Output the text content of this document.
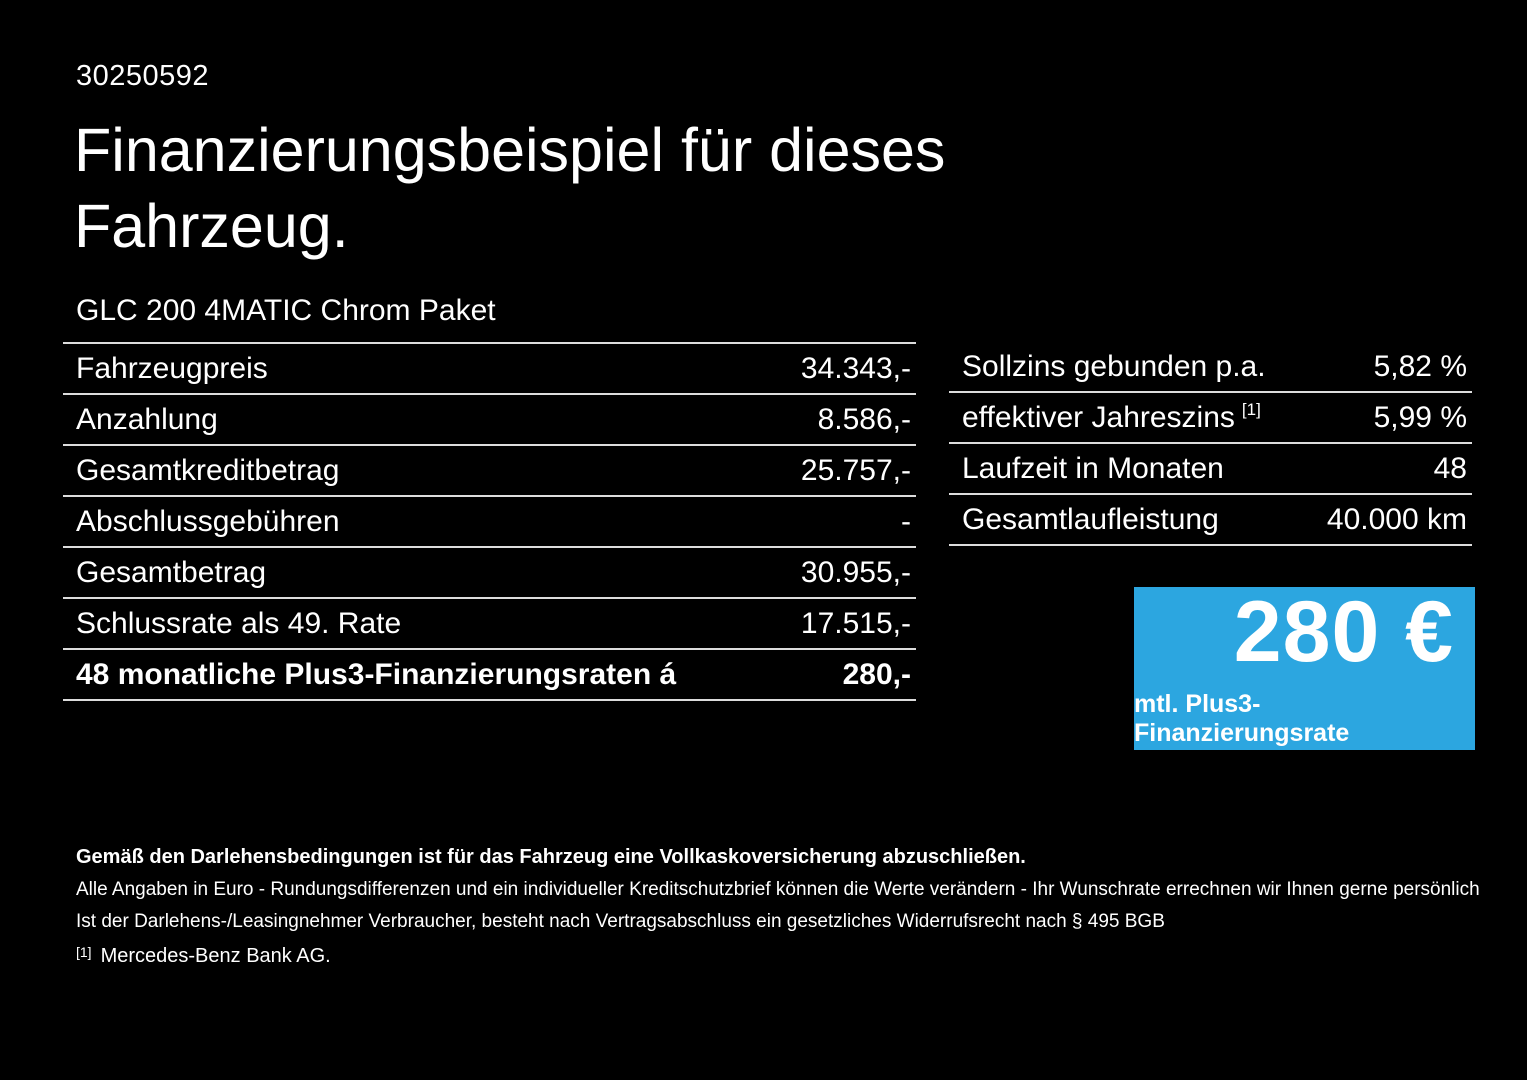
30250592
Finanzierungsbeispiel für dieses
Fahrzeug.
GLC 200 4MATIC Chrom Paket
Fahrzeugpreis	34.343,-
Anzahlung	8.586,-
Gesamtkreditbetrag	25.757,-
Abschlussgebühren	-
Gesamtbetrag	30.955,-
Schlussrate als 49. Rate	17.515,-
48 monatliche Plus3-Finanzierungsraten á	280,-
Sollzins gebunden p.a.	5,82 %
effektiver Jahreszins [1]	5,99 %
Laufzeit in Monaten	48
Gesamtlaufleistung	40.000 km
280 €
mtl. Plus3-Finanzierungsrate
Gemäß den Darlehensbedingungen ist für das Fahrzeug eine Vollkaskoversicherung abzuschließen.
Alle Angaben in Euro - Rundungsdifferenzen und ein individueller Kreditschutzbrief können die Werte verändern - Ihr Wunschrate errechnen wir Ihnen gerne persönlich
Ist der Darlehens-/Leasingnehmer Verbraucher, besteht nach Vertragsabschluss ein gesetzliches Widerrufsrecht nach § 495 BGB
[1] Mercedes-Benz Bank AG.
